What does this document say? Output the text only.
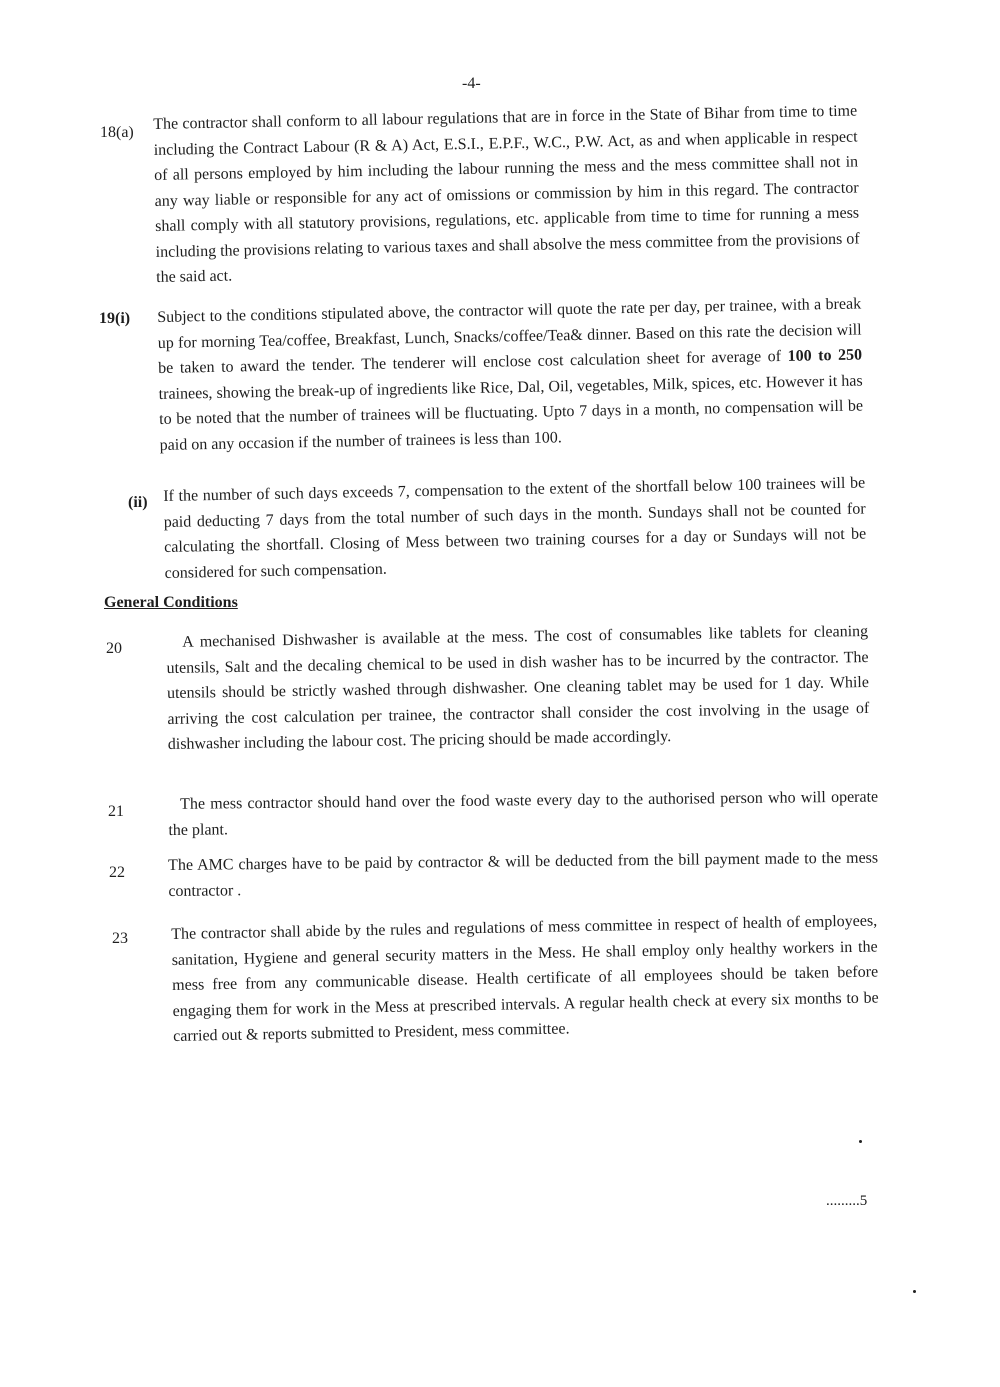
-4-
18(a) The contractor shall conform to all labour regulations that are in force in the State of Bihar from time to time including the Contract Labour (R & A) Act, E.S.I., E.P.F., W.C., P.W. Act, as and when applicable in respect of all persons employed by him including the labour running the mess and the mess committee shall not in any way liable or responsible for any act of omissions or commission by him in this regard. The contractor shall comply with all statutory provisions, regulations, etc. applicable from time to time for running a mess including the provisions relating to various taxes and shall absolve the mess committee from the provisions of the said act.
19(i) Subject to the conditions stipulated above, the contractor will quote the rate per day, per trainee, with a break up for morning Tea/coffee, Breakfast, Lunch, Snacks/coffee/Tea& dinner. Based on this rate the decision will be taken to award the tender. The tenderer will enclose cost calculation sheet for average of 100 to 250 trainees, showing the break-up of ingredients like Rice, Dal, Oil, vegetables, Milk, spices, etc. However it has to be noted that the number of trainees will be fluctuating. Upto 7 days in a month, no compensation will be paid on any occasion if the number of trainees is less than 100.
(ii) If the number of such days exceeds 7, compensation to the extent of the shortfall below 100 trainees will be paid deducting 7 days from the total number of such days in the month. Sundays shall not be counted for calculating the shortfall. Closing of Mess between two training courses for a day or Sundays will not be considered for such compensation.
General Conditions
20	A mechanised Dishwasher is available at the mess. The cost of consumables like tablets for cleaning utensils, Salt and the decaling chemical to be used in dish washer has to be incurred by the contractor. The utensils should be strictly washed through dishwasher. One cleaning tablet may be used for 1 day. While arriving the cost calculation per trainee, the contractor shall consider the cost involving in the usage of dishwasher including the labour cost. The pricing should be made accordingly.
21	The mess contractor should hand over the food waste every day to the authorised person who will operate the plant.
22	The AMC charges have to be paid by contractor & will be deducted from the bill payment made to the mess contractor .
23	The contractor shall abide by the rules and regulations of mess committee in respect of health of employees, sanitation, Hygiene and general security matters in the Mess. He shall employ only healthy workers in the mess free from any communicable disease. Health certificate of all employees should be taken before engaging them for work in the Mess at prescribed intervals. A regular health check at every six months to be carried out & reports submitted to President, mess committee.
.........5
